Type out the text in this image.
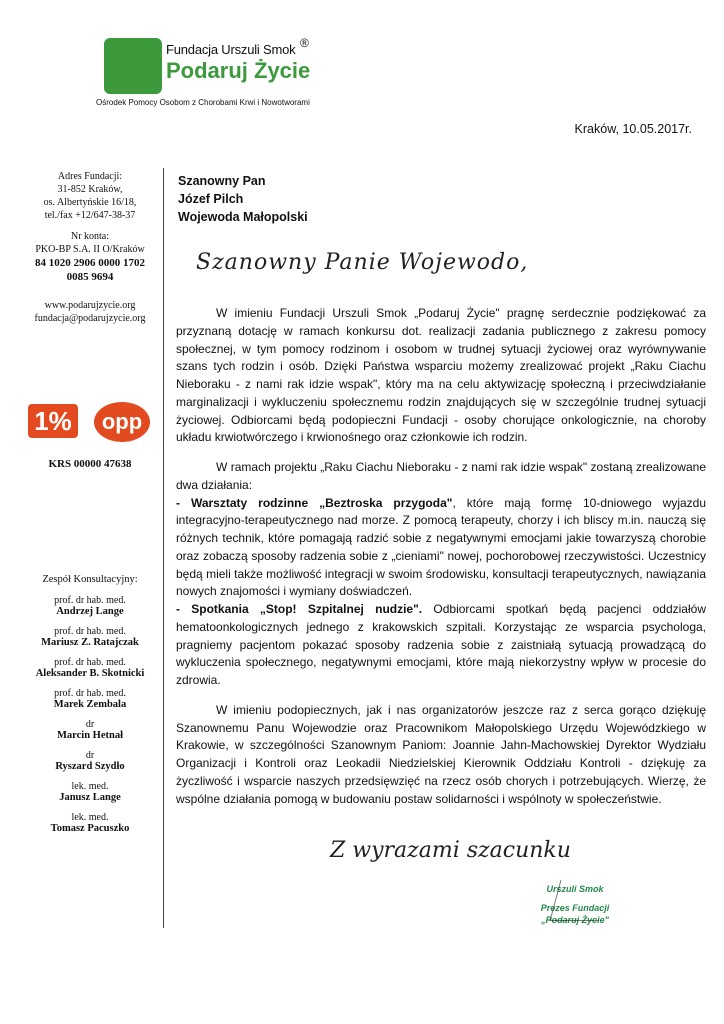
®
Fundacja Urszuli Smok
Podaruj Życie
Ośrodek Pomocy Osobom z Chorobami Krwi i Nowotworami
Kraków, 10.05.2017r.
Adres Fundacji:
31-852 Kraków,
os. Albertyńskie 16/18,
tel./fax +12/647-38-37
Nr konta:
PKO-BP S.A. II O/Kraków
84 1020 2906 0000 1702
0085 9694
www.podarujzycie.org
fundacja@podarujzycie.org
1%	opp
KRS 00000 47638
Zespół Konsultacyjny:
prof. dr hab. med.
Andrzej Lange
prof. dr hab. med.
Mariusz Z. Ratajczak
prof. dr hab. med.
Aleksander B. Skotnicki
prof. dr hab. med.
Marek Zembala
dr
Marcin Hetnał
dr
Ryszard Szydło
lek. med.
Janusz Lange
lek. med.
Tomasz Pacuszko
Szanowny Pan
Józef Pilch
Wojewoda Małopolski
Szanowny Panie Wojewodo,

W imieniu Fundacji Urszuli Smok „Podaruj Życie" pragnę serdecznie podziękować za przyznaną dotację w ramach konkursu dot. realizacji zadania publicznego z zakresu pomocy społecznej, w tym pomocy rodzinom i osobom w trudnej sytuacji życiowej oraz wyrównywanie szans tych rodzin i osób. Dzięki Państwa wsparciu możemy zrealizować projekt „Raku Ciachu Nieboraku - z nami rak idzie wspak", który ma na celu aktywizację społeczną i przeciwdziałanie marginalizacji i wykluczeniu społecznemu rodzin znajdujących się w szczególnie trudnej sytuacji życiowej. Odbiorcami będą podopieczni Fundacji - osoby chorujące onkologicznie, na choroby układu krwiotwórczego i krwionośnego oraz członkowie ich rodzin.

W ramach projektu „Raku Ciachu Nieboraku - z nami rak idzie wspak" zostaną zrealizowane dwa działania:

- Warsztaty rodzinne „Beztroska przygoda", które mają formę 10-dniowego wyjazdu integracyjno-terapeutycznego nad morze. Z pomocą terapeuty, chorzy i ich bliscy m.in. nauczą się różnych technik, które pomagają radzić sobie z negatywnymi emocjami jakie towarzyszą chorobie oraz zobaczą sposoby radzenia sobie z „cieniami" nowej, pochorobowej rzeczywistości. Uczestnicy będą mieli także możliwość integracji w swoim środowisku, konsultacji terapeutycznych, nawiązania nowych znajomości i wymiany doświadczeń.

- Spotkania „Stop! Szpitalnej nudzie". Odbiorcami spotkań będą pacjenci oddziałów hematoonkologicznych jednego z krakowskich szpitali. Korzystając ze wsparcia psychologa, pragniemy pacjentom pokazać sposoby radzenia sobie z zaistniałą sytuacją prowadzącą do wykluczenia społecznego, negatywnymi emocjami, które mają niekorzystny wpływ w procesie do zdrowia.

W imieniu podopiecznych, jak i nas organizatorów jeszcze raz z serca gorąco dziękuję Szanownemu Panu Wojewodzie oraz Pracownikom Małopolskiego Urzędu Wojewódzkiego w Krakowie, w szczególności Szanownym Paniom: Joannie Jahn-Machowskiej Dyrektor Wydziału Organizacji i Kontroli oraz Leokadii Niedzielskiej Kierownik Oddziału Kontroli - dziękuję za życzliwość i wsparcie naszych przedsięwzięć na rzecz osób chorych i potrzebujących. Wierzę, że wspólne działania pomogą w budowaniu postaw solidarności i wspólnoty w społeczeństwie.

Z wyrazami szacunku
Urszuli Smok
Prezes Fundacji
„Podaruj Życie"
